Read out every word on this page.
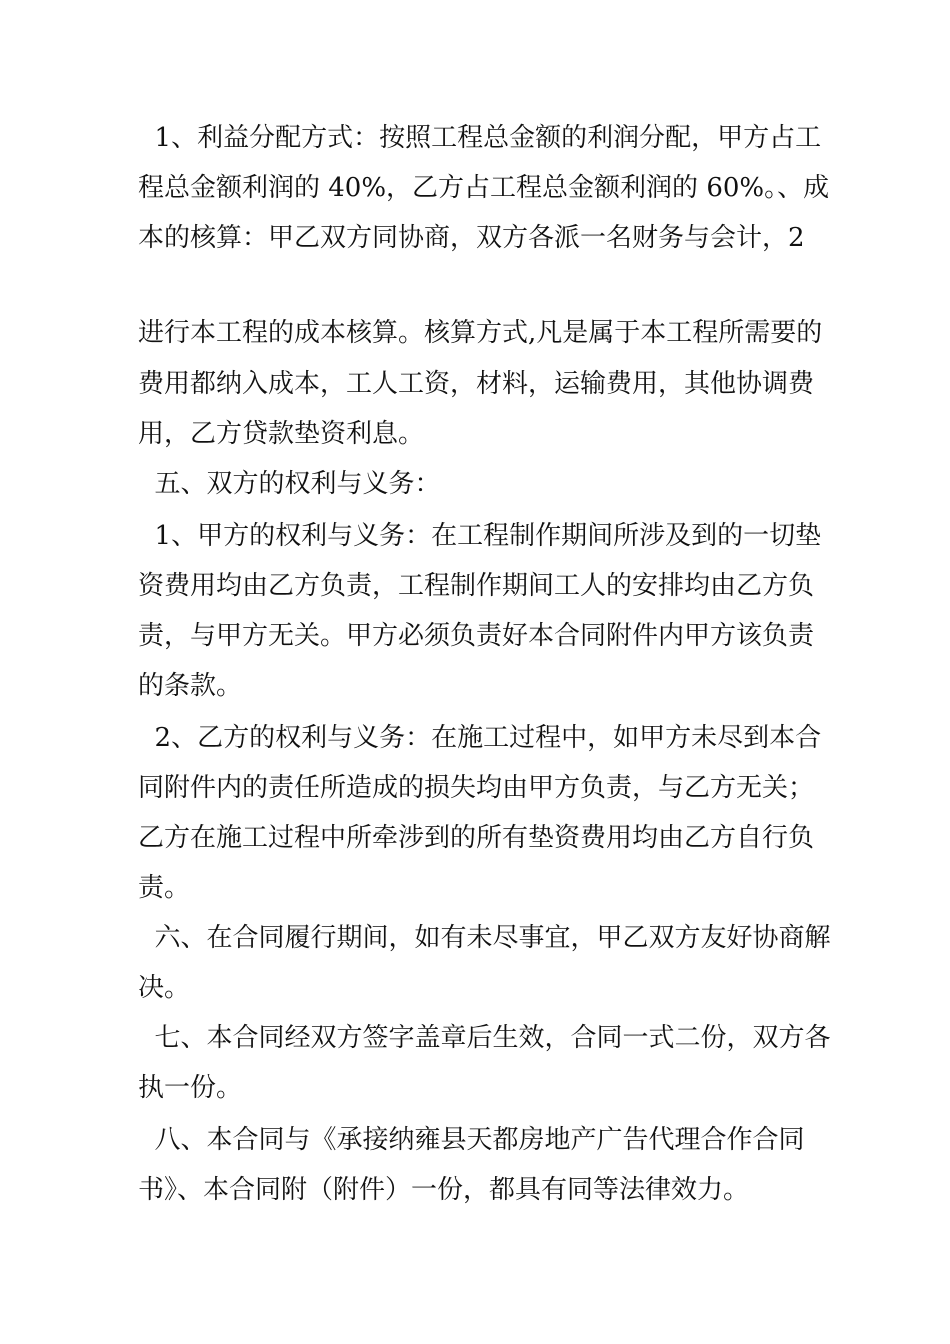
1、利益分配方式：按照工程总金额的利润分配，甲方占工
程总金额利润的 40%，乙方占工程总金额利润的 60%。、成
本的核算：甲乙双方同协商，双方各派一名财务与会计，2
进行本工程的成本核算。核算方式,凡是属于本工程所需要的
费用都纳入成本，工人工资，材料，运输费用，其他协调费
用，乙方贷款垫资利息。
五、双方的权利与义务：
1、甲方的权利与义务：在工程制作期间所涉及到的一切垫
资费用均由乙方负责，工程制作期间工人的安排均由乙方负
责，与甲方无关。甲方必须负责好本合同附件内甲方该负责
的条款。
2、乙方的权利与义务：在施工过程中，如甲方未尽到本合
同附件内的责任所造成的损失均由甲方负责，与乙方无关；
乙方在施工过程中所牵涉到的所有垫资费用均由乙方自行负
责。
六、在合同履行期间，如有未尽事宜，甲乙双方友好协商解
决。
七、本合同经双方签字盖章后生效，合同一式二份，双方各
执一份。
八、本合同与《承接纳雍县天都房地产广告代理合作合同
书》、本合同附（附件）一份，都具有同等法律效力。
